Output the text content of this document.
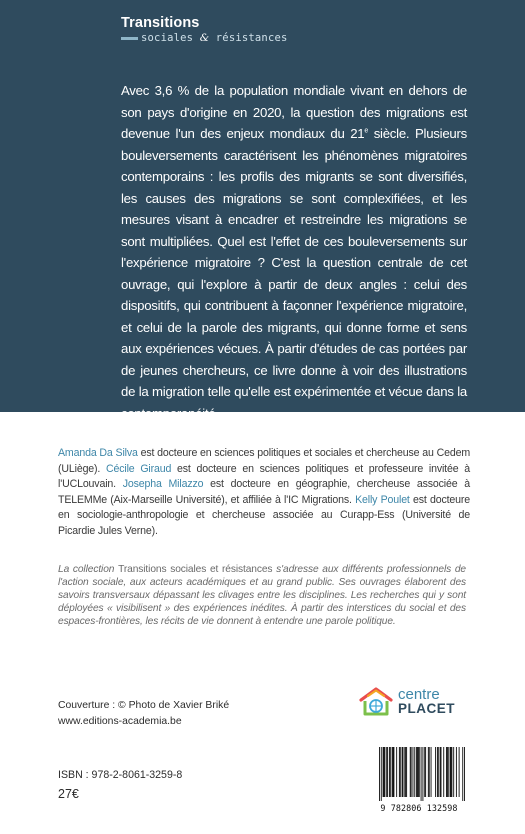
Transitions
sociales & résistances
Avec 3,6 % de la population mondiale vivant en dehors de son pays d'origine en 2020, la question des migrations est devenue l'un des enjeux mondiaux du 21e siècle. Plusieurs bouleversements caractérisent les phénomènes migratoires contemporains : les profils des migrants se sont diversifiés, les causes des migrations se sont complexifiées, et les mesures visant à encadrer et restreindre les migrations se sont multipliées. Quel est l'effet de ces bouleversements sur l'expérience migratoire ? C'est la question centrale de cet ouvrage, qui l'explore à partir de deux angles : celui des dispositifs, qui contribuent à façonner l'expérience migratoire, et celui de la parole des migrants, qui donne forme et sens aux expériences vécues. À partir d'études de cas portées par de jeunes chercheurs, ce livre donne à voir des illustrations de la migration telle qu'elle est expérimentée et vécue dans la contemporanéité.
Amanda Da Silva est docteure en sciences politiques et sociales et chercheuse au Cedem (ULiège). Cécile Giraud est docteure en sciences politiques et professeure invitée à l'UCLouvain. Josepha Milazzo est docteure en géographie, chercheuse associée à TELEMMe (Aix-Marseille Université), et affiliée à l'IC Migrations. Kelly Poulet est docteure en sociologie-anthropologie et chercheuse associée au Curapp-Ess (Université de Picardie Jules Verne).
La collection Transitions sociales et résistances s'adresse aux différents professionnels de l'action sociale, aux acteurs académiques et au grand public. Ses ouvrages élaborent des savoirs transversaux dépassant les clivages entre les disciplines. Les recherches qui y sont déployées « visibilisent » des expériences inédites. À partir des interstices du social et des espaces-frontières, les récits de vie donnent à entendre une parole politique.
Couverture : © Photo de Xavier Briké
www.editions-academia.be
centre
PLACET
ISBN : 978-2-8061-3259-8
27€
9 782806 132598
